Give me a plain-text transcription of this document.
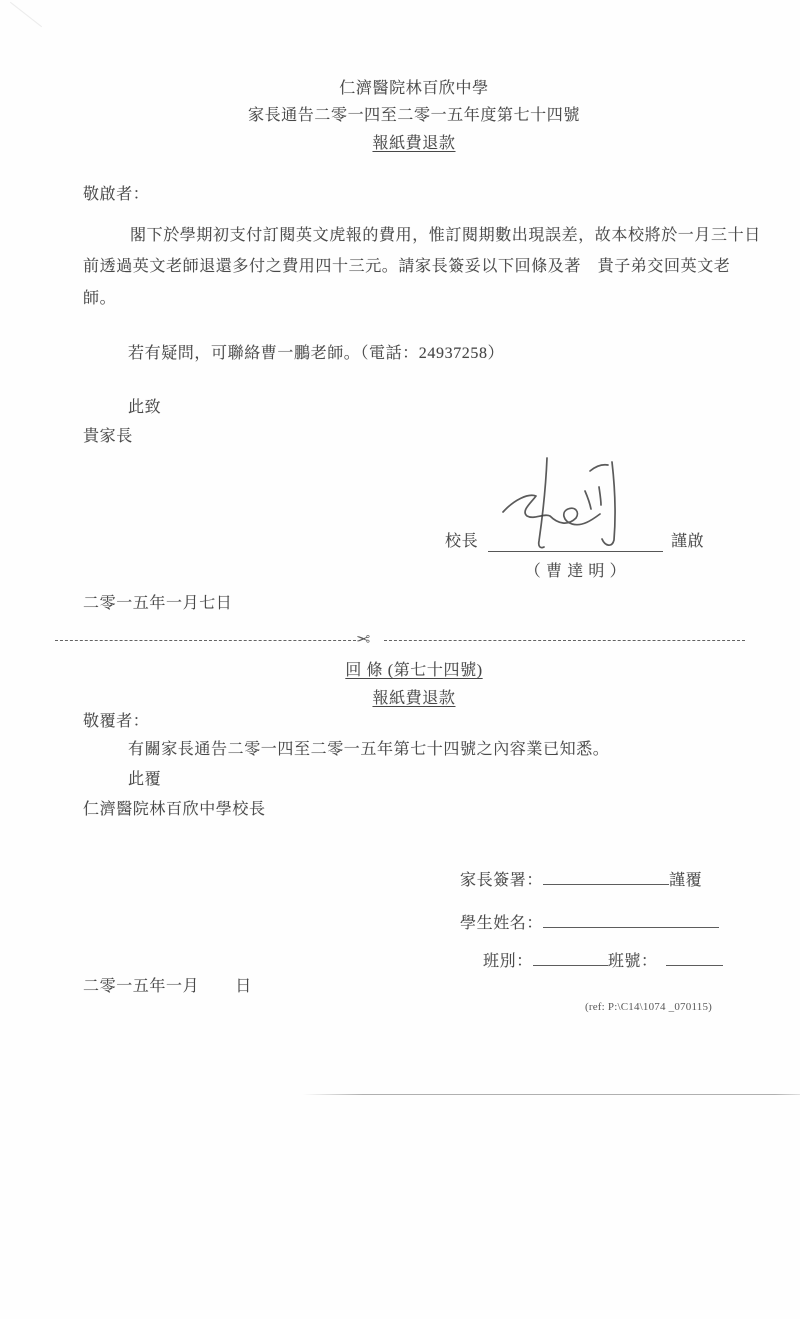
仁濟醫院林百欣中學
家長通告二零一四至二零一五年度第七十四號
報紙費退款
敬啟者：
閣下於學期初支付訂閱英文虎報的費用，惟訂閱期數出現誤差，故本校將於一月三十日
前透過英文老師退還多付之費用四十三元。請家長簽妥以下回條及著　貴子弟交回英文老
師。
若有疑問，可聯絡曹一鵬老師。（電話：24937258）
此致
貴家長
校長	謹啟
（ 曹 達 明 ）
二零一五年一月七日
✂
回 條 (第七十四號)
報紙費退款
敬覆者：
有關家長通告二零一四至二零一五年第七十四號之內容業已知悉。
此覆
仁濟醫院林百欣中學校長
家長簽署：	謹覆
學生姓名：
班別：	班號：
二零一五年一月 日
(ref: P:\C14\1074 _070115)
